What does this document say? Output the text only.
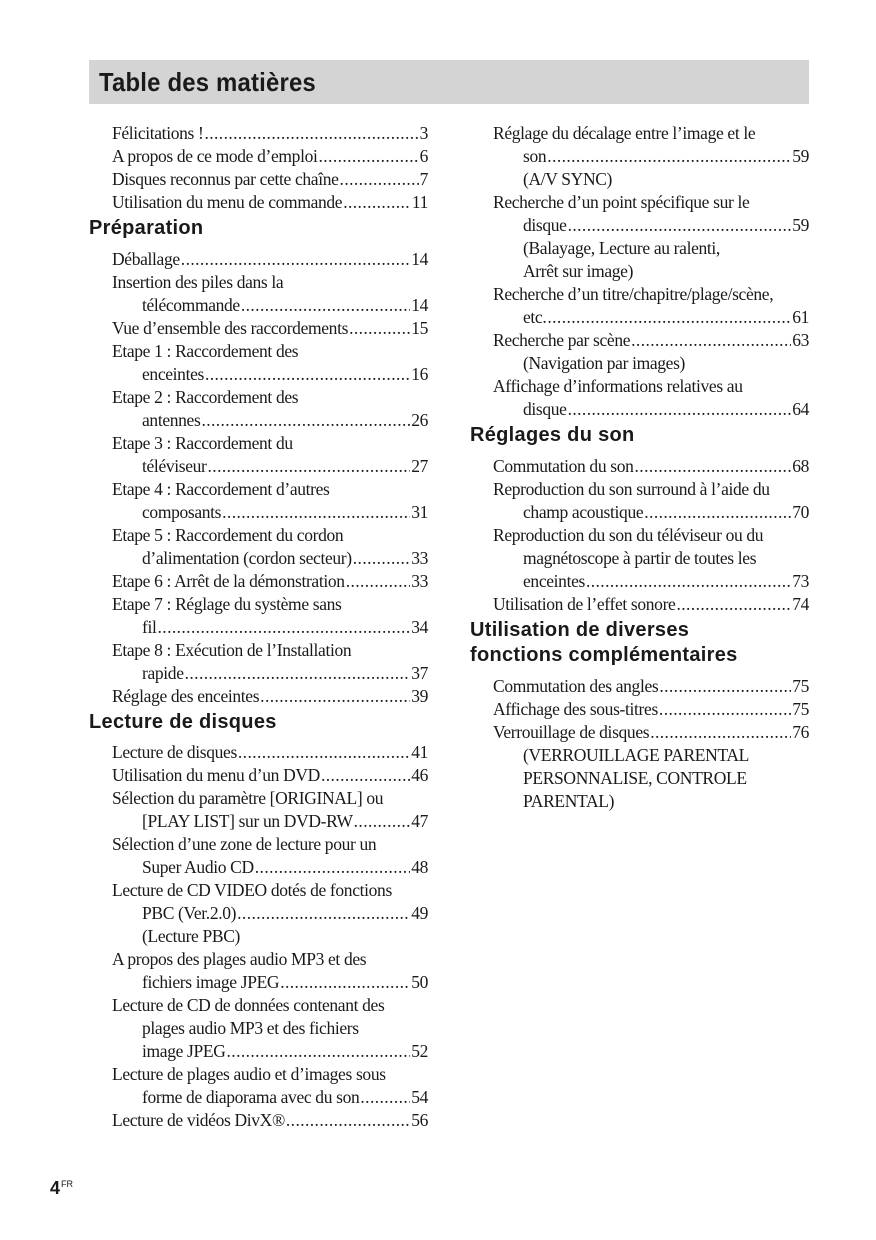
Table des matières
Félicitations ! .....	3
A propos de ce mode d’emploi .....	6
Disques reconnus par cette chaîne .....	7
Utilisation du menu de commande .....	11
Préparation
Déballage .....	14
Insertion des piles dans la
télécommande .....	14
Vue d’ensemble des raccordements .....	15
Etape 1 : Raccordement des
enceintes .....	16
Etape 2 : Raccordement des
antennes .....	26
Etape 3 : Raccordement du
téléviseur .....	27
Etape 4 : Raccordement d’autres
composants .....	31
Etape 5 : Raccordement du cordon
d’alimentation (cordon secteur) .....	33
Etape 6 : Arrêt de la démonstration .....	33
Etape 7 : Réglage du système sans
fil .....	34
Etape 8 : Exécution de l’Installation
rapide .....	37
Réglage des enceintes .....	39
Lecture de disques
Lecture de disques .....	41
Utilisation du menu d’un DVD .....	46
Sélection du paramètre [ORIGINAL] ou
[PLAY LIST] sur un DVD-RW .....	47
Sélection d’une zone de lecture pour un
Super Audio CD .....	48
Lecture de CD VIDEO dotés de fonctions
PBC (Ver.2.0) .....	49
(Lecture PBC)
A propos des plages audio MP3 et des
fichiers image JPEG .....	50
Lecture de CD de données contenant des
plages audio MP3 et des fichiers
image JPEG .....	52
Lecture de plages audio et d’images sous
forme de diaporama avec du son .....	54
Lecture de vidéos DivX® .....	56
Réglage du décalage entre l’image et le
son .....	59
(A/V SYNC)
Recherche d’un point spécifique sur le
disque .....	59
(Balayage, Lecture au ralenti,
Arrêt sur image)
Recherche d’un titre/chapitre/plage/scène,
etc. .....	61
Recherche par scène .....	63
(Navigation par images)
Affichage d’informations relatives au
disque .....	64
Réglages du son
Commutation du son .....	68
Reproduction du son surround à l’aide du
champ acoustique .....	70
Reproduction du son du téléviseur ou du
magnétoscope à partir de toutes les
enceintes .....	73
Utilisation de l’effet sonore .....	74
Utilisation de diverses
fonctions complémentaires
Commutation des angles .....	75
Affichage des sous-titres .....	75
Verrouillage de disques .....	76
(VERROUILLAGE PARENTAL
PERSONNALISE, CONTROLE
PARENTAL)
$4^{FR}$
